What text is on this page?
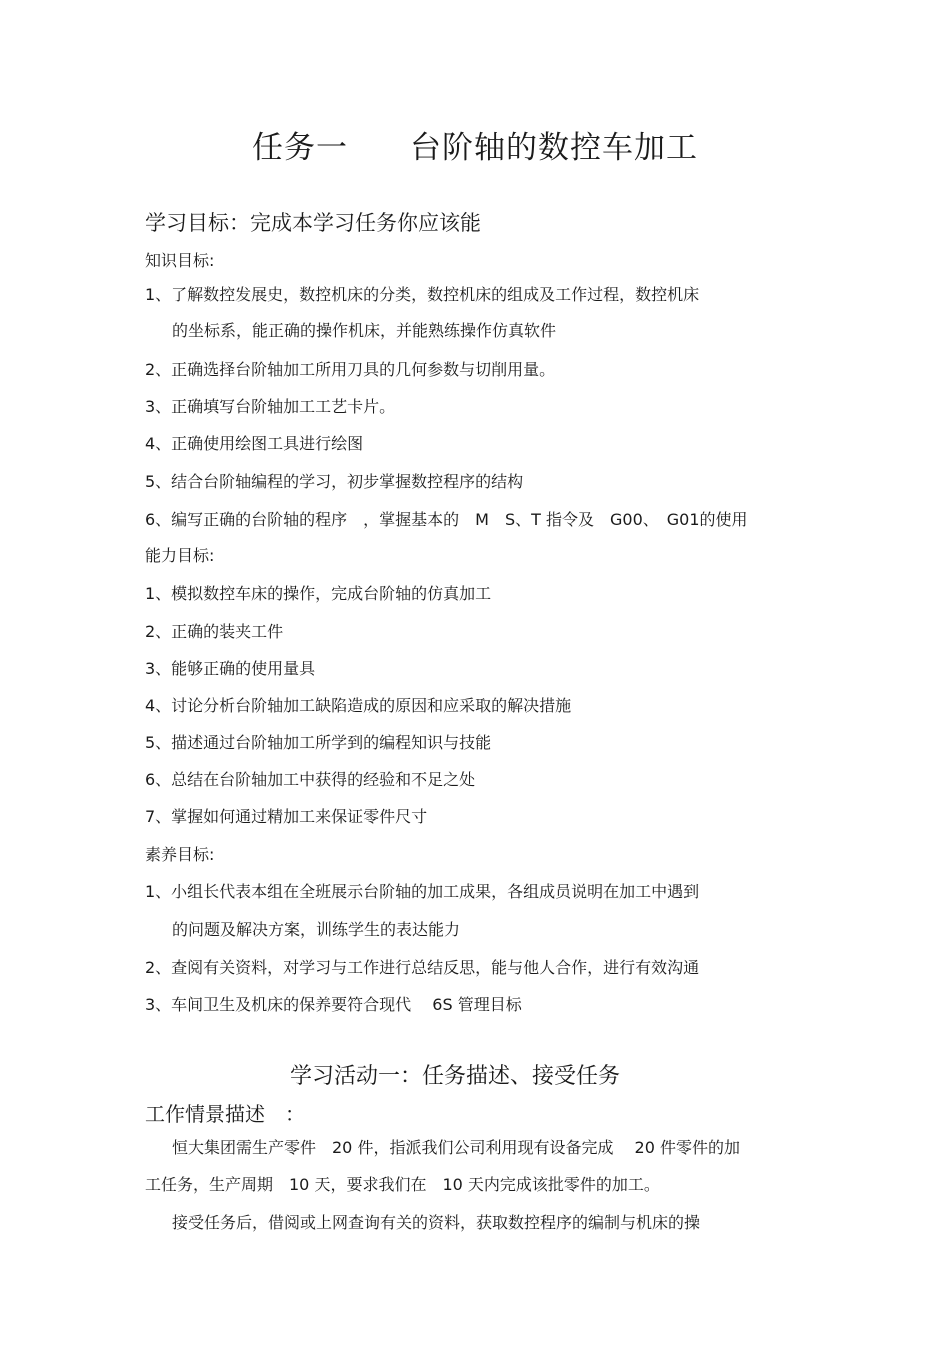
任务一 台阶轴的数控车加工
学习目标：完成本学习任务你应该能
知识目标:
1、了解数控发展史，数控机床的分类，数控机床的组成及工作过程，数控机床
的坐标系，能正确的操作机床，并能熟练操作仿真软件
2、正确选择台阶轴加工所用刀具的几何参数与切削用量。
3、正确填写台阶轴加工工艺卡片。
4、正确使用绘图工具进行绘图
5、结合台阶轴编程的学习，初步掌握数控程序的结构
6、编写正确的台阶轴的程序　，掌握基本的　M　S、T 指令及　G00、　G01的使用
能力目标:
1、模拟数控车床的操作，完成台阶轴的仿真加工
2、正确的装夹工件
3、能够正确的使用量具
4、讨论分析台阶轴加工缺陷造成的原因和应采取的解决措施
5、描述通过台阶轴加工所学到的编程知识与技能
6、总结在台阶轴加工中获得的经验和不足之处
7、掌握如何通过精加工来保证零件尺寸
素养目标:
1、小组长代表本组在全班展示台阶轴的加工成果，各组成员说明在加工中遇到
的问题及解决方案，训练学生的表达能力
2、查阅有关资料，对学习与工作进行总结反思，能与他人合作，进行有效沟通
3、车间卫生及机床的保养要符合现代　 6S 管理目标
学习活动一：任务描述、接受任务
工作情景描述　：
恒大集团需生产零件　20 件，指派我们公司利用现有设备完成　 20 件零件的加
工任务，生产周期　10 天，要求我们在　10 天内完成该批零件的加工。
接受任务后，借阅或上网查询有关的资料，获取数控程序的编制与机床的操
